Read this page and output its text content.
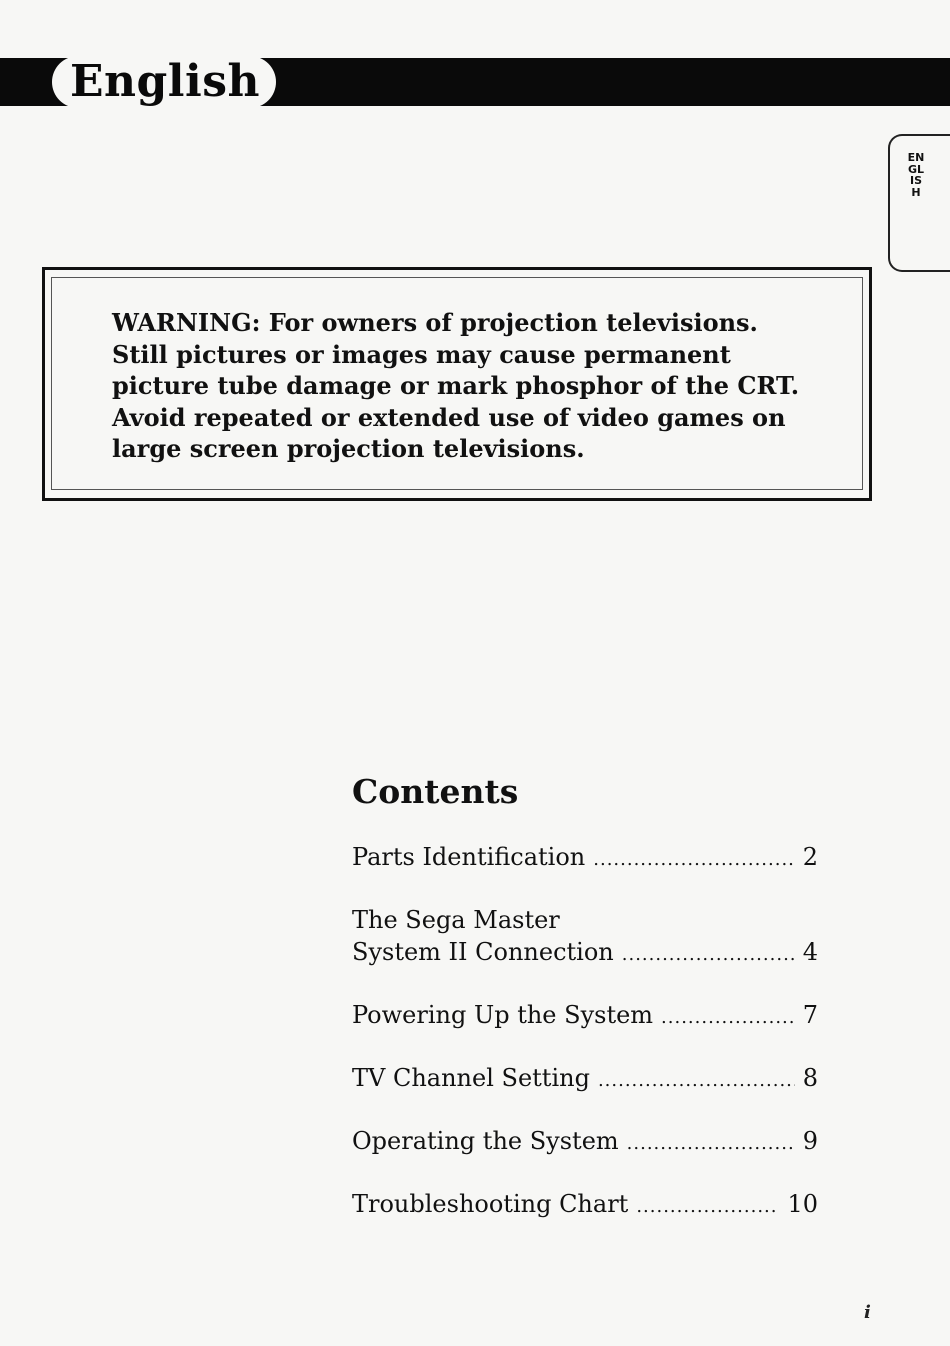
English
ENGLISH

WARNING: For owners of projection televisions.
Still pictures or images may cause permanent
picture tube damage or mark phosphor of the CRT.
Avoid repeated or extended use of video games on
large screen projection televisions.

Contents
Parts Identification .....	2
The Sega Master
System II Connection .....	4
Powering Up the System .....	7
TV Channel Setting .....	8
Operating the System .....	9
Troubleshooting Chart .....	10
i
